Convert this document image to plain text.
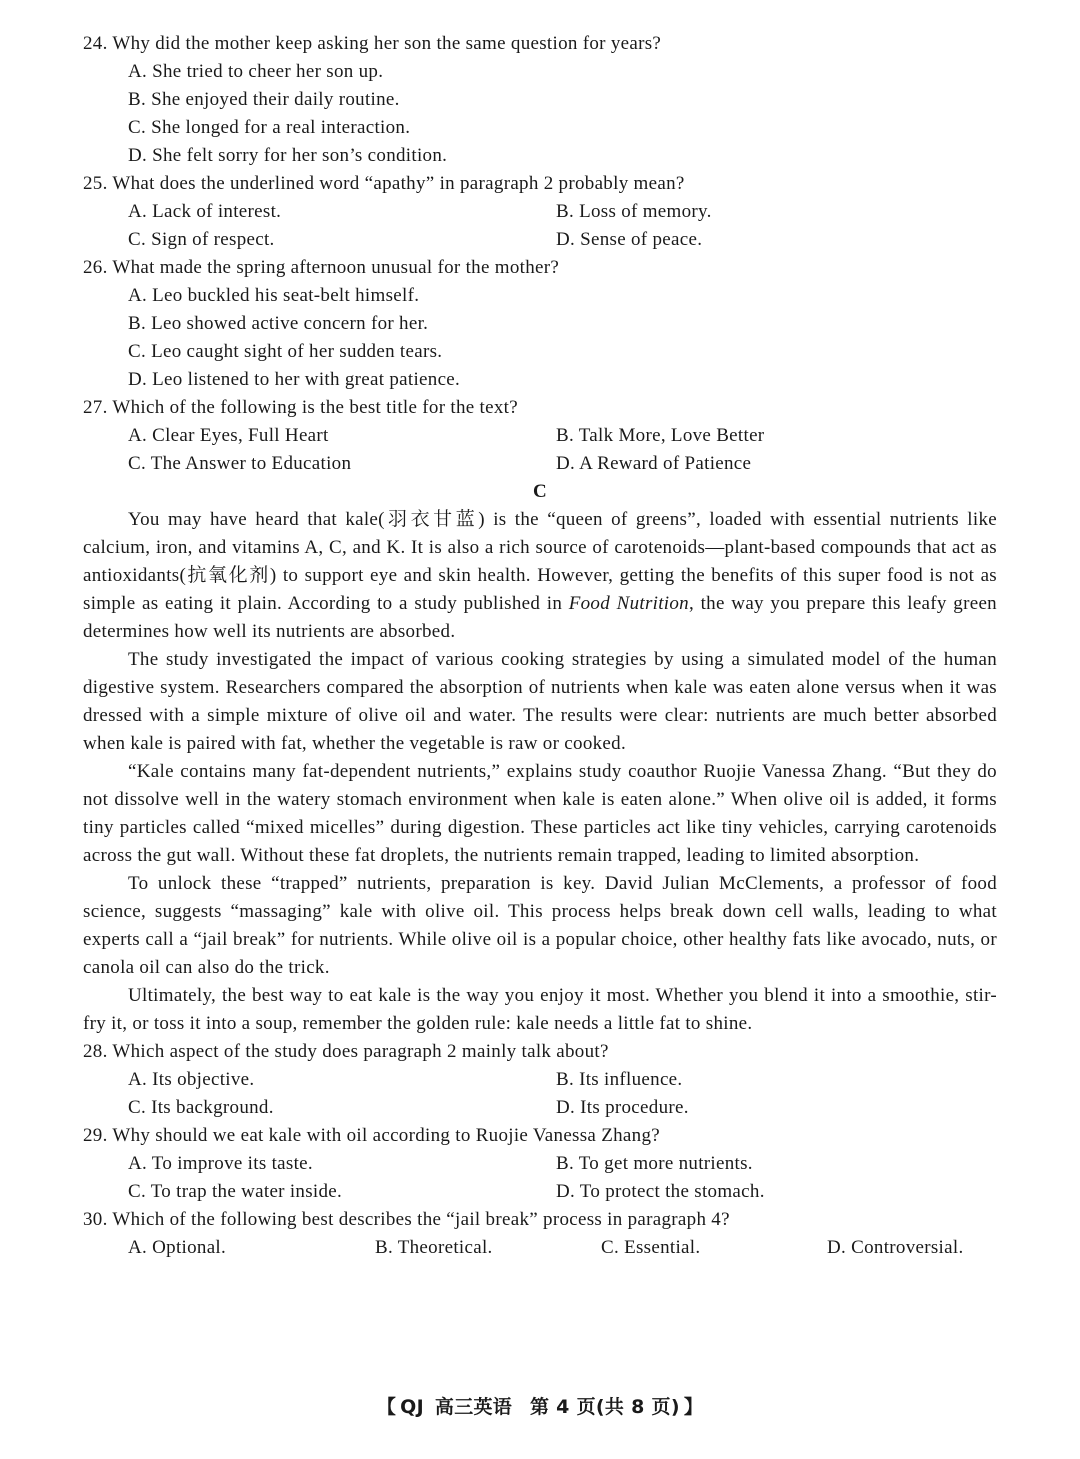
24. Why did the mother keep asking her son the same question for years?
A. She tried to cheer her son up.
B. She enjoyed their daily routine.
C. She longed for a real interaction.
D. She felt sorry for her son’s condition.
25. What does the underlined word “apathy” in paragraph 2 probably mean?
A. Lack of interest.	B. Loss of memory.
C. Sign of respect.	D. Sense of peace.
26. What made the spring afternoon unusual for the mother?
A. Leo buckled his seat-belt himself.
B. Leo showed active concern for her.
C. Leo caught sight of her sudden tears.
D. Leo listened to her with great patience.
27. Which of the following is the best title for the text?
A. Clear Eyes, Full Heart	B. Talk More, Love Better
C. The Answer to Education	D. A Reward of Patience
C

You may have heard that kale(羽衣甘蓝) is the “queen of greens”, loaded with essential nutrients like calcium, iron, and vitamins A, C, and K. It is also a rich source of carotenoids—plant-based compounds that act as antioxidants(抗氧化剂) to support eye and skin health. However, getting the benefits of this super food is not as simple as eating it plain. According to a study published in Food Nutrition, the way you prepare this leafy green determines how well its nutrients are absorbed.

The study investigated the impact of various cooking strategies by using a simulated model of the human digestive system. Researchers compared the absorption of nutrients when kale was eaten alone versus when it was dressed with a simple mixture of olive oil and water. The results were clear: nutrients are much better absorbed when kale is paired with fat, whether the vegetable is raw or cooked.

“Kale contains many fat-dependent nutrients,” explains study coauthor Ruojie Vanessa Zhang. “But they do not dissolve well in the watery stomach environment when kale is eaten alone.” When olive oil is added, it forms tiny particles called “mixed micelles” during digestion. These particles act like tiny vehicles, carrying carotenoids across the gut wall. Without these fat droplets, the nutrients remain trapped, leading to limited absorption.

To unlock these “trapped” nutrients, preparation is key. David Julian McClements, a professor of food science, suggests “massaging” kale with olive oil. This process helps break down cell walls, leading to what experts call a “jail break” for nutrients. While olive oil is a popular choice, other healthy fats like avocado, nuts, or canola oil can also do the trick.

Ultimately, the best way to eat kale is the way you enjoy it most. Whether you blend it into a smoothie, stir-fry it, or toss it into a soup, remember the golden rule: kale needs a little fat to shine.

28. Which aspect of the study does paragraph 2 mainly talk about?
A. Its objective.	B. Its influence.
C. Its background.	D. Its procedure.
29. Why should we eat kale with oil according to Ruojie Vanessa Zhang?
A. To improve its taste.	B. To get more nutrients.
C. To trap the water inside.	D. To protect the stomach.
30. Which of the following best describes the “jail break” process in paragraph 4?
A. Optional.	B. Theoretical.	C. Essential.	D. Controversial.
【 QJ 高三英语 第 4 页(共 8 页) 】
